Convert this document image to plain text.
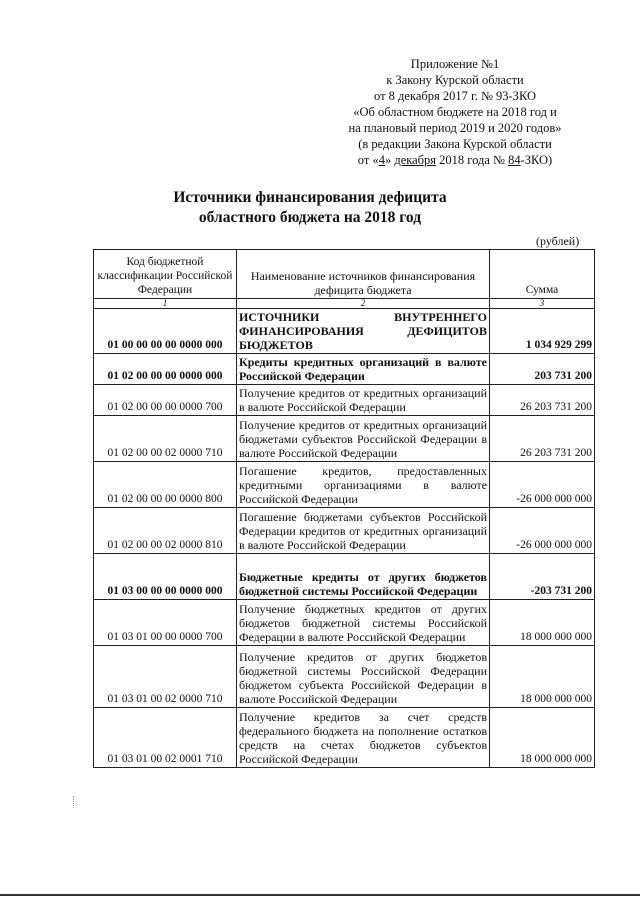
Приложение №1
к Закону Курской области
от 8 декабря 2017 г. № 93-ЗКО
«Об областном бюджете на 2018 год и
на плановый период 2019 и 2020 годов»
(в редакции Закона Курской области
от «4» декабря 2018 года № 84-ЗКО)
Источники финансирования дефицита
областного бюджета на 2018 год
(рублей)
Код бюджетной классификации Российской Федерации	Наименование источников финансирования дефицита бюджета	Сумма
1	2	3
01 00 00 00 00 0000 000	ИСТОЧНИКИ ВНУТРЕННЕГО ФИНАНСИРОВАНИЯ ДЕФИЦИТОВ БЮДЖЕТОВ	1 034 929 299
01 02 00 00 00 0000 000	Кредиты кредитных организаций в валюте Российской Федерации	203 731 200
01 02 00 00 00 0000 700	Получение кредитов от кредитных организаций в валюте Российской Федерации	26 203 731 200
01 02 00 00 02 0000 710	Получение кредитов от кредитных организаций бюджетами субъектов Российской Федерации в валюте Российской Федерации	26 203 731 200
01 02 00 00 00 0000 800	Погашение кредитов, предоставленных кредитными организациями в валюте Российской Федерации	-26 000 000 000
01 02 00 00 02 0000 810	Погашение бюджетами субъектов Российской Федерации кредитов от кредитных организаций в валюте Российской Федерации	-26 000 000 000
01 03 00 00 00 0000 000	Бюджетные кредиты от других бюджетов бюджетной системы Российской Федерации	-203 731 200
01 03 01 00 00 0000 700	Получение бюджетных кредитов от других бюджетов бюджетной системы Российской Федерации в валюте Российской Федерации	18 000 000 000
01 03 01 00 02 0000 710	Получение кредитов от других бюджетов бюджетной системы Российской Федерации бюджетом субъекта Российской Федерации в валюте Российской Федерации	18 000 000 000
01 03 01 00 02 0001 710	Получение кредитов за счет средств федерального бюджета на пополнение остатков средств на счетах бюджетов субъектов Российской Федерации	18 000 000 000
